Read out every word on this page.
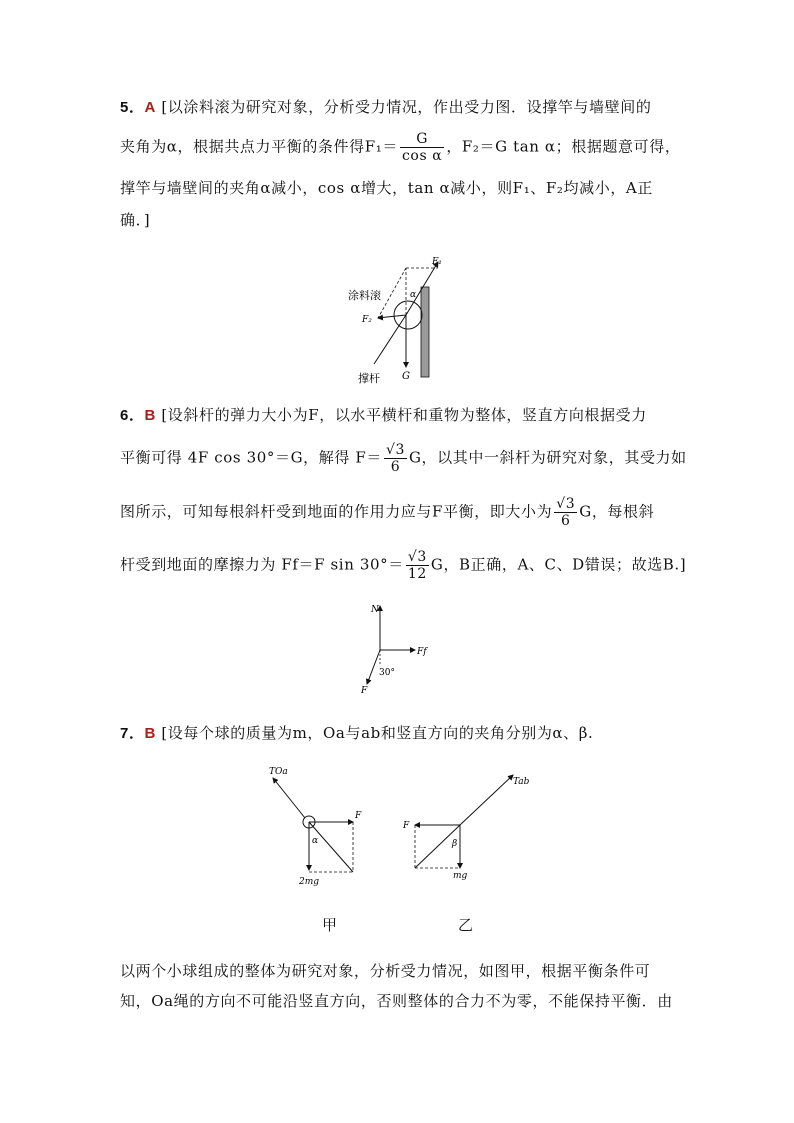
5．A [以涂料滚为研究对象，分析受力情况，作出受力图．设撑竿与墙壁间的
夹角为α，根据共点力平衡的条件得$F_1= \frac{G}{\text{cos α}}$ ，F₂＝G tan α；根据题意可得，
撑竿与墙壁间的夹角α减小，cos α增大，tan α减小，则F₁、F₂均减小，A正
确．]
涂料滚
撑杆
F₁
F₂
G
α
6．B [设斜杆的弹力大小为F，以水平横杆和重物为整体，竖直方向根据受力
平衡可得 4F cos 30°＝G，解得 $F= \frac{√3}{6}$ G，以其中一斜杆为研究对象，其受力如
图所示，可知每根斜杆受到地面的作用力应与F平衡，即大小为 $\frac{√3}{6}$ G，每根斜
杆受到地面的摩擦力为 Ff＝F $\sin 30^\circ= \frac{√3}{12}$ G，B正确，A、C、D错误；故选B.]
N
Ff
F
30°
7．B [设每个球的质量为m，Oa与ab和竖直方向的夹角分别为α、β.
TOa
F
2mg
α
甲
F
Tab
mg
β
乙
以两个小球组成的整体为研究对象，分析受力情况，如图甲，根据平衡条件可
知，Oa绳的方向不可能沿竖直方向，否则整体的合力不为零，不能保持平衡．由
